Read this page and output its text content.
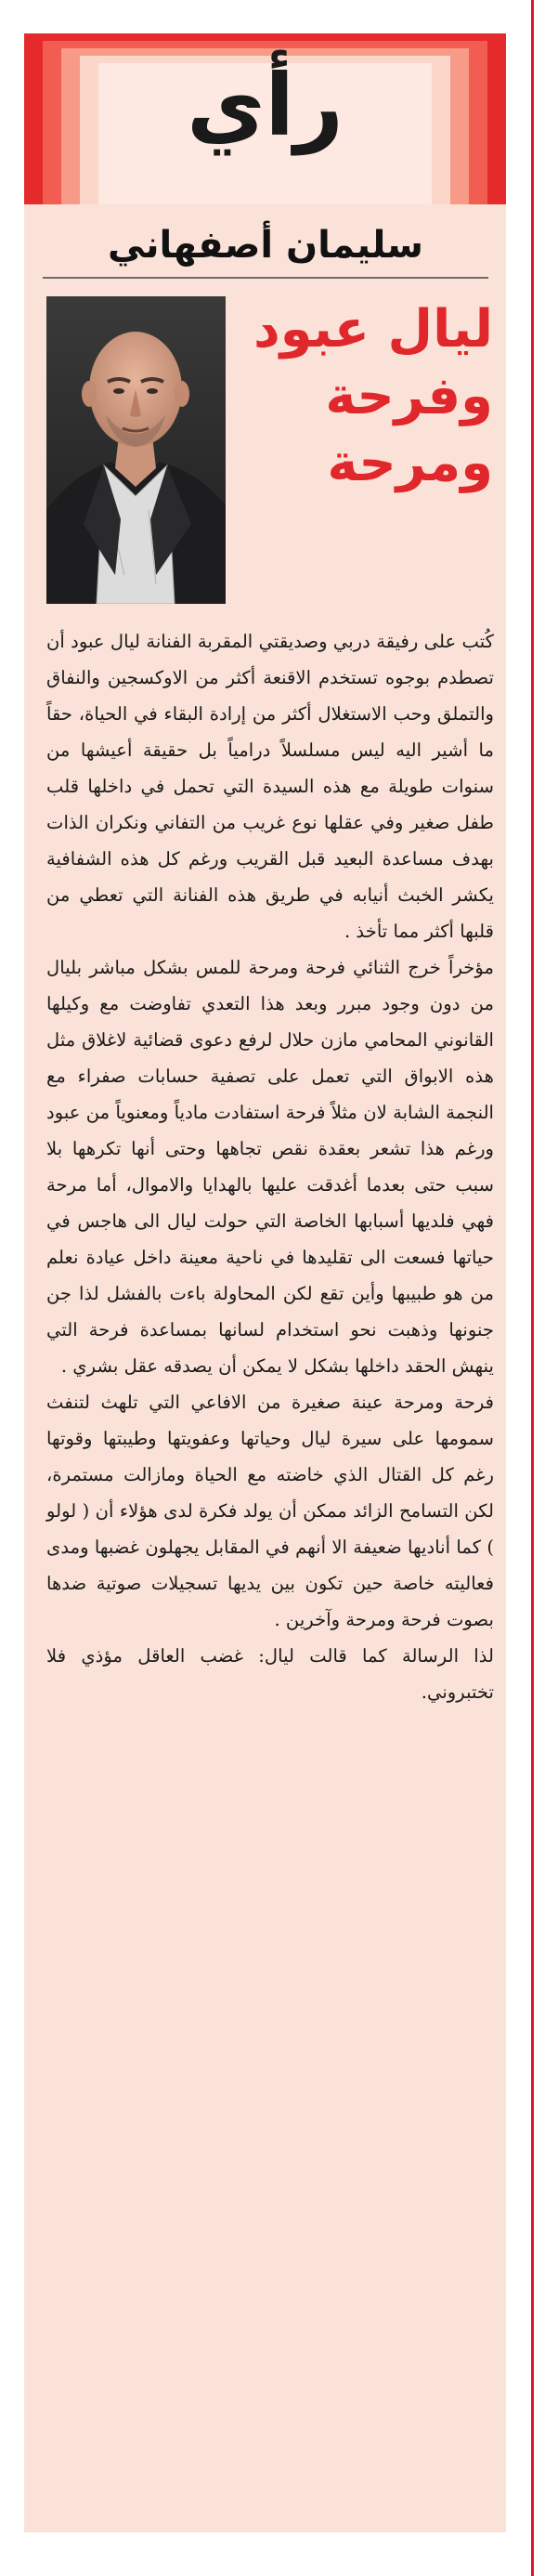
رأي
سليمان أصفهاني
ليال عبود
وفرحة
ومرحة

كُتب على رفيقة دربي وصديقتي المقربة الفنانة ليال عبود أن تصطدم بوجوه تستخدم الاقنعة أكثر من الاوكسجين والنفاق والتملق وحب الاستغلال أكثر من إرادة البقاء في الحياة، حقاً ما أشير اليه ليس مسلسلاً درامياً بل حقيقة أعيشها من سنوات طويلة مع هذه السيدة التي تحمل في داخلها قلب طفل صغير وفي عقلها نوع غريب من التفاني ونكران الذات بهدف مساعدة البعيد قبل القريب ورغم كل هذه الشفافية يكشر الخبث أنيابه في طريق هذه الفنانة التي تعطي من قلبها أكثر مما تأخذ .

مؤخراً خرج الثنائي فرحة ومرحة للمس بشكل مباشر بليال من دون وجود مبرر وبعد هذا التعدي تفاوضت مع وكيلها القانوني المحامي مازن حلال لرفع دعوى قضائية لاغلاق مثل هذه الابواق التي تعمل على تصفية حسابات صفراء مع النجمة الشابة لان مثلاً فرحة استفادت مادياً ومعنوياً من عبود ورغم هذا تشعر بعقدة نقص تجاهها وحتى أنها تكرهها بلا سبب حتى بعدما أغدقت عليها بالهدايا والاموال، أما مرحة فهي فلديها أسبابها الخاصة التي حولت ليال الى هاجس في حياتها فسعت الى تقليدها في ناحية معينة داخل عيادة نعلم من هو طبيبها وأين تقع لكن المحاولة باءت بالفشل لذا جن جنونها وذهبت نحو استخدام لسانها بمساعدة فرحة التي ينهش الحقد داخلها بشكل لا يمكن أن يصدقه عقل بشري .

فرحة ومرحة عينة صغيرة من الافاعي التي تلهث لتنفث سمومها على سيرة ليال وحياتها وعفويتها وطيبتها وقوتها رغم كل القتال الذي خاضته مع الحياة ومازالت مستمرة، لكن التسامح الزائد ممكن أن يولد فكرة لدى هؤلاء أن ( لولو ) كما أناديها ضعيفة الا أنهم في المقابل يجهلون غضبها ومدى فعاليته خاصة حين تكون بين يديها تسجيلات صوتية ضدها بصوت فرحة ومرحة وآخرين .

لذا الرسالة كما قالت ليال: غضب العاقل مؤذي فلا تختبروني.
